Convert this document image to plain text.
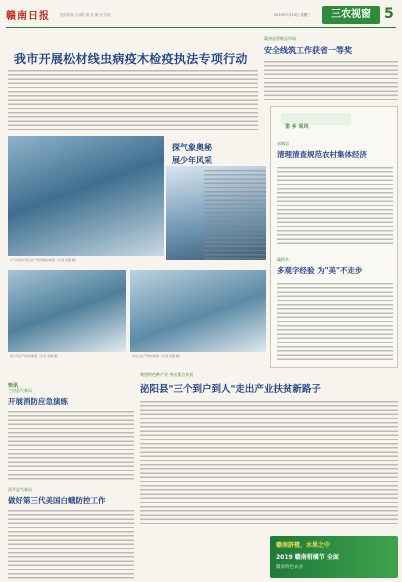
赣南日报	报时新闻 全球报 服 务 赣 州 发展	2019年7月10日 星期三	三农视窗 5
我市开展松材线虫病疫木检疫执法专项行动
赣州县管辖县市场
安全线筑工作获省一等奖
小气象爱好者们在气象观测站参观（记者 宋耀 摄）
探气象奥秘
展少年风采
青少年在气象台参观（记者 宋耀 摄）	学生们在气象局参观（记者 宋耀 摄）
里 乡 采风
南城县
清理清查规范农村集体经济
赣桥乡
多观字经验 为"美"不走步
快讯
兰田县气象局
开展消防应急演练
西平县气象局
做好第三代美国白蛾防控工作
聚焦特色种产业 突出重点扶贫
泌阳县"三个到户到人"走出产业扶贫新路子
赣南脐橙，水果之中
2019 赣南柑橘节 全面
赣南特色农业
